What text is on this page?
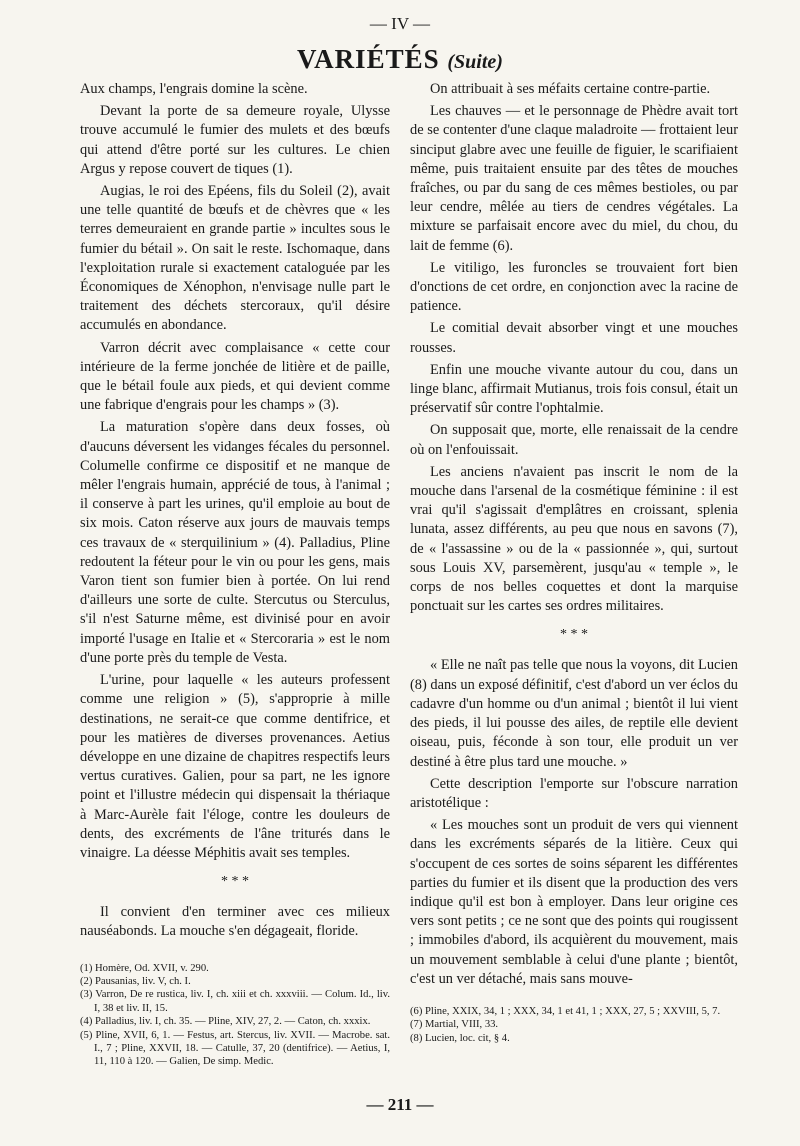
— IV —
VARIÉTÉS (Suite)

Aux champs, l'engrais domine la scène.

Devant la porte de sa demeure royale, Ulysse trouve accumulé le fumier des mulets et des bœufs qui attend d'être porté sur les cultures. Le chien Argus y repose couvert de tiques (1).

Augias, le roi des Epéens, fils du Soleil (2), avait une telle quantité de bœufs et de chèvres que « les terres demeuraient en grande partie » incultes sous le fumier du bétail ». On sait le reste. Ischomaque, dans l'exploitation rurale si exactement cataloguée par les Économiques de Xénophon, n'envisage nulle part le traitement des déchets stercoraux, qu'il désire accumulés en abondance.

Varron décrit avec complaisance « cette cour intérieure de la ferme jonchée de litière et de paille, que le bétail foule aux pieds, et qui devient comme une fabrique d'engrais pour les champs » (3).

La maturation s'opère dans deux fosses, où d'aucuns déversent les vidanges fécales du personnel. Columelle confirme ce dispositif et ne manque de mêler l'engrais humain, apprécié de tous, à l'animal ; il conserve à part les urines, qu'il emploie au bout de six mois. Caton réserve aux jours de mauvais temps ces travaux de « sterquilinium » (4). Palladius, Pline redoutent la féteur pour le vin ou pour les gens, mais Varon tient son fumier bien à portée. On lui rend d'ailleurs une sorte de culte. Stercutus ou Sterculus, s'il n'est Saturne même, est divinisé pour en avoir importé l'usage en Italie et « Stercoraria » est le nom d'une porte près du temple de Vesta.

L'urine, pour laquelle « les auteurs professent comme une religion » (5), s'approprie à mille destinations, ne serait-ce que comme dentifrice, et pour les matières de diverses provenances. Aetius développe en une dizaine de chapitres respectifs leurs vertus curatives. Galien, pour sa part, ne les ignore point et l'illustre médecin qui dispensait la thériaque à Marc-Aurèle fait l'éloge, contre les douleurs de dents, des excréments de l'âne triturés dans le vinaigre. La déesse Méphitis avait ses temples.

* * *

Il convient d'en terminer avec ces milieux nauséabonds. La mouche s'en dégageait, floride.

(1) Homère, Od. XVII, v. 290.
(2) Pausanias, liv. V, ch. I.
(3) Varron, De re rustica, liv. I, ch. xiii et ch. xxxviii. — Colum. Id., liv. I, 38 et liv. II, 15.
(4) Palladius, liv. I, ch. 35. — Pline, XIV, 27, 2. — Caton, ch. xxxix.
(5) Pline, XVII, 6, 1. — Festus, art. Stercus, liv. XVII. — Macrobe. sat. I., 7 ; Pline, XXVII, 18. — Catulle, 37, 20 (dentifrice). — Aetius, I, 11, 110 à 120. — Galien, De simp. Medic.

On attribuait à ses méfaits certaine contre-partie.

Les chauves — et le personnage de Phèdre avait tort de se contenter d'une claque maladroite — frottaient leur sinciput glabre avec une feuille de figuier, le scarifiaient même, puis traitaient ensuite par des têtes de mouches fraîches, ou par du sang de ces mêmes bestioles, ou par leur cendre, mêlée au tiers de cendres végétales. La mixture se parfaisait encore avec du miel, du chou, du lait de femme (6).

Le vitiligo, les furoncles se trouvaient fort bien d'onctions de cet ordre, en conjonction avec la racine de patience.

Le comitial devait absorber vingt et une mouches rousses.

Enfin une mouche vivante autour du cou, dans un linge blanc, affirmait Mutianus, trois fois consul, était un préservatif sûr contre l'ophtalmie.

On supposait que, morte, elle renaissait de la cendre où on l'enfouissait.

Les anciens n'avaient pas inscrit le nom de la mouche dans l'arsenal de la cosmétique féminine : il est vrai qu'il s'agissait d'emplâtres en croissant, splenia lunata, assez différents, au peu que nous en savons (7), de « l'assassine » ou de la « passionnée », qui, surtout sous Louis XV, parsemèrent, jusqu'au « temple », le corps de nos belles coquettes et dont la marquise ponctuait sur les cartes ses ordres militaires.

* * *

« Elle ne naît pas telle que nous la voyons, dit Lucien (8) dans un exposé définitif, c'est d'abord un ver éclos du cadavre d'un homme ou d'un animal ; bientôt il lui vient des pieds, il lui pousse des ailes, de reptile elle devient oiseau, puis, féconde à son tour, elle produit un ver destiné à être plus tard une mouche. »

Cette description l'emporte sur l'obscure narration aristotélique :

« Les mouches sont un produit de vers qui viennent dans les excréments séparés de la litière. Ceux qui s'occupent de ces sortes de soins séparent les différentes parties du fumier et ils disent que la production des vers indique qu'il est bon à employer. Dans leur origine ces vers sont petits ; ce ne sont que des points qui rougissent ; immobiles d'abord, ils acquièrent du mouvement, mais un mouvement semblable à celui d'une plante ; bientôt, c'est un ver détaché, mais sans mouve-

(6) Pline, XXIX, 34, 1 ; XXX, 34, 1 et 41, 1 ; XXX, 27, 5 ; XXVIII, 5, 7.
(7) Martial, VIII, 33.
(8) Lucien, loc. cit, § 4.
— 211 —
